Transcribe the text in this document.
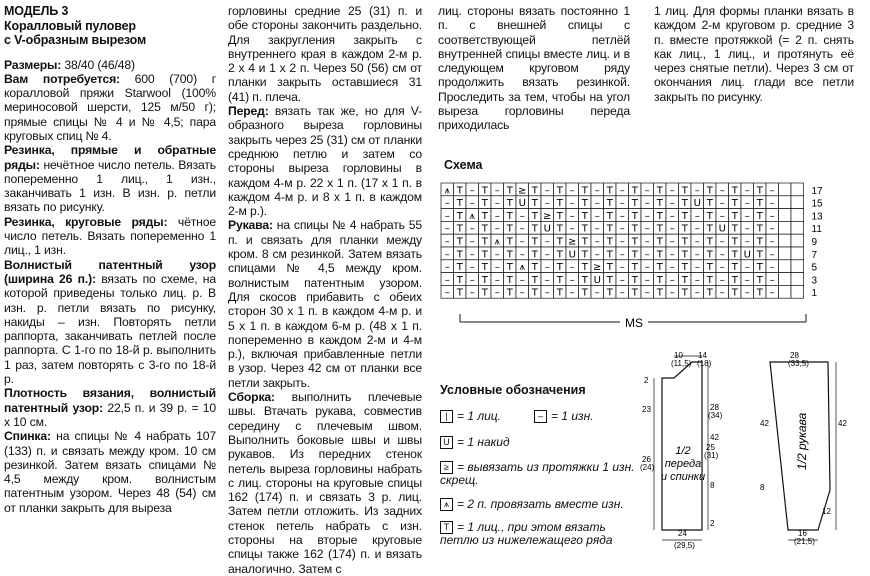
МОДЕЛЬ 3
Коралловый пуловер
с V-образным вырезом

Размеры: 38/40 (46/48)

Вам потребуется: 600 (700) г кораллoвой пряжи Starwool (100% мериносовой шерсти, 125 м/50 г); прямые спицы № 4 и № 4,5; пара круговых спиц № 4.

Резинка, прямые и обратные ряды: нечётное число петель. Вязать попеременно 1 лиц., 1 изн., заканчивать 1 изн. В изн. р. петли вязать по рисунку.

Резинка, круговые ряды: чётное число петель. Вязать попеременно 1 лиц., 1 изн.

Волнистый патентный узор (ширина 26 п.): вязать по схеме, на которой приведены только лиц. р. В изн. р. петли вязать по рисунку, накиды – изн. Повторять петли раппорта, заканчивать петлей после раппорта. С 1-го по 18-й р. выполнить 1 раз, затем повторять с 3-го по 18-й р.

Плотность вязания, волнистый патентный узор: 22,5 п. и 39 р. = 10 х 10 см.

Спинка: на спицы № 4 набрать 107 (133) п. и связать между кром. 10 см резинкой. Затем вязать спицами № 4,5 между кром. волнистым патентным узором. Через 48 (54) см от планки закрыть для выреза

горловины средние 25 (31) п. и обе стороны закончить раздельно. Для закругления закрыть с внутреннего края в каждом 2-м р. 2 х 4 и 1 х 2 п. Через 50 (56) см от планки закрыть оставшиеся 31 (41) п. плеча.

Перед: вязать так же, но для V-образного выреза горловины закрыть через 25 (31) см от планки среднюю петлю и затем со стороны выреза горловины в каждом 4-м р. 22 х 1 п. (17 х 1 п. в каждом 4-м р. и 8 х 1 п. в каждом 2-м р.).

Рукава: на спицы № 4 набрать 55 п. и связать для планки между кром. 8 см резинкой. Затем вязать спицами № 4,5 между кром. волнистым патентным узором. Для скосов прибавить с обеих сторон 30 х 1 п. в каждом 4-м р. и 5 х 1 п. в каждом 6-м р. (48 х 1 п. попеременно в каждом 2-м и 4-м р.), включая прибавленные петли в узор. Через 42 см от планки все петли закрыть.

Сборка: выполнить плечевые швы. Втачать рукава, совместив середину с плечевым швом. Выполнить боковые швы и швы рукавов. Из передних стенок петель выреза горловины набрать с лиц. стороны на круговые спицы 162 (174) п. и связать 3 р. лиц. Затем петли отложить. Из задних стенок петель набрать с изн. стороны на вторые круговые спицы также 162 (174) п. и вязать аналогично. Затем с

лиц. стороны вязать постоянно 1 п. с внешней спицы с соответствующей петлёй внутренней спицы вместе лиц. и в следующем круговом ряду продолжить вязать резинкой. Проследить за тем, чтобы на угол выреза горловины переда приходилась

1 лиц. Для формы планки вязать в каждом 2-м круговом р. средние 3 п. вместе протяжкой (= 2 п. снять как лиц., 1 лиц., и протянуть её через снятые петли). Через 3 см от окончания лиц. глади все петли закрыть по рисунку.

Схема
⩚ T – T – T ≥ T – T – T – T – T – T – T – T – T – T –
– T – T – T U T – T – T – T – T – T – T U T – T – T –
– T ⩚ T – T – T ≥ T – T – T – T – T – T – T – T – T –
– T – T – T – T U T – T – T – T – T – T – T U T – T –
– T – T ⩚ T – T – T ≥ T – T – T – T – T – T – T – T –
– T – T – T – T – T U T – T – T – T – T – T – T U T –
– T – T – T ⩚ T – T – T ≥ T – T – T – T – T – T – T –
– T – T – T – T – T – T U T – T – T – T – T – T – T –
– T – T – T – T – T – T – T – T – T – T – T – T – T –
17
15
13
11
9
7
5
3
1
MS
Условные обозначения
| = 1 лиц.	– = 1 изн.
U = 1 накид
≥ = вывязать из протяжки 1 изн. скрещ.
⩚ = 2 п. провязать вместе изн.
T = 1 лиц., при этом вязать петлю из нижележащего ряда
10
(11,5)
14
(18)
2
23
26
(24)
28
(34)
42
8
25
(31)
2
24
(29,5)
28
(33,5)
42	42
8
16
(21,5)
12
1/2 переда и спинки
1/2 рукава
